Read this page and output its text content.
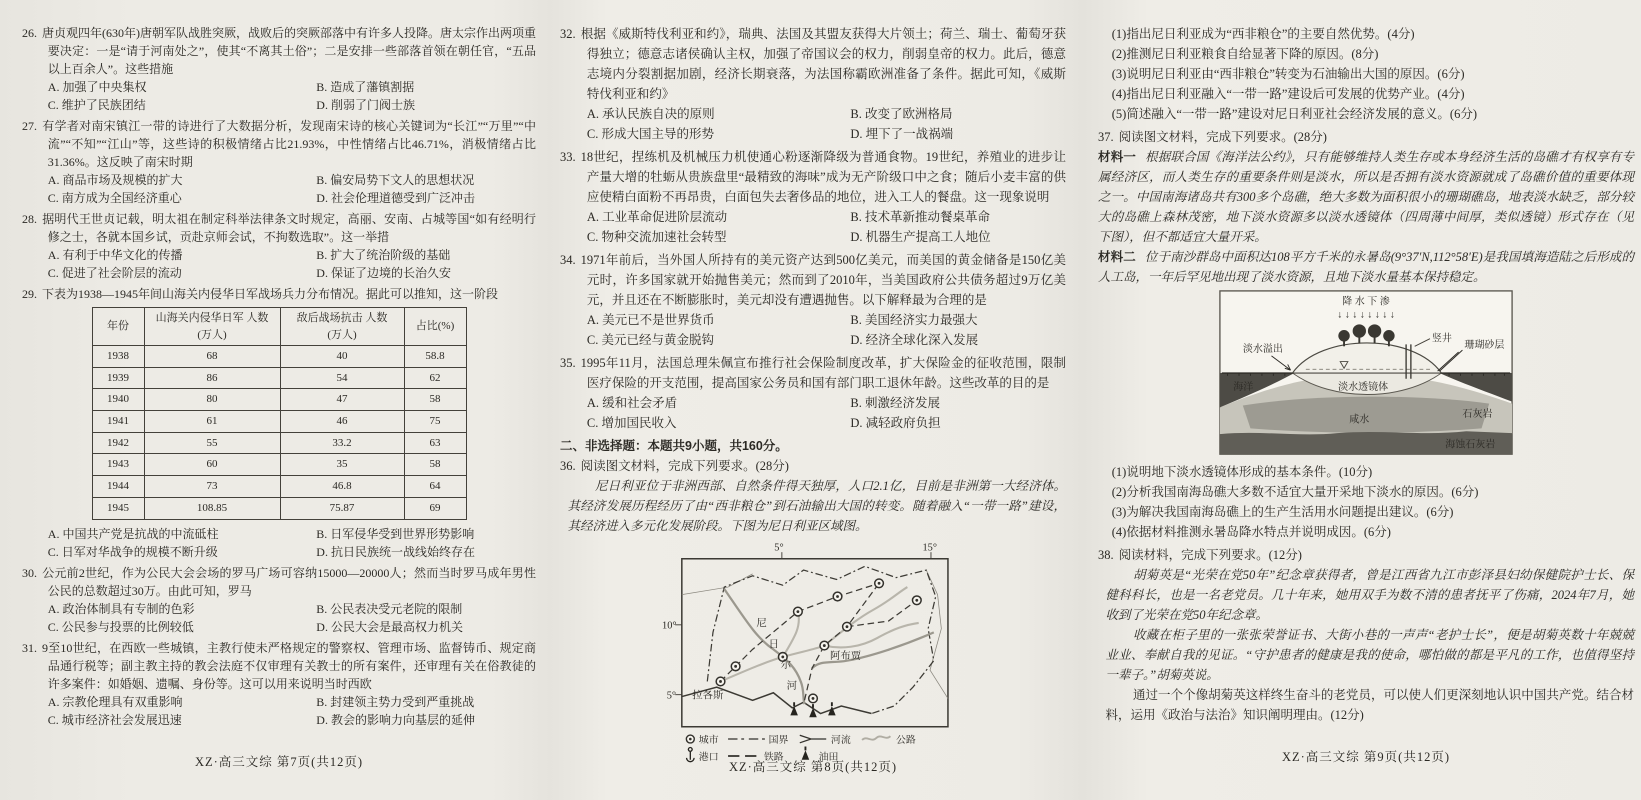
26. 唐贞观四年(630年)唐朝军队战胜突厥，战败后的突厥部落中有许多人投降。唐太宗作出两项重要决定：一是“请于河南处之”，使其“不离其土俗”；二是安排一些部落首领在朝任官，“五品以上百余人”。这些措施

A. 加强了中央集权	B. 造成了藩镇割据
C. 维护了民族团结	D. 削弱了门阀士族

27. 有学者对南宋镇江一带的诗进行了大数据分析，发现南宋诗的核心关键词为“长江”“万里”“中流”“不知”“江山”等，这些诗的积极情绪占比21.93%，中性情绪占比46.71%，消极情绪占比31.36%。这反映了南宋时期

A. 商品市场及规模的扩大	B. 偏安局势下文人的思想状况
C. 南方成为全国经济重心	D. 社会伦理道德受到广泛冲击

28. 据明代王世贞记载，明太祖在制定科举法律条文时规定，高丽、安南、占城等国“如有经明行修之士，各就本国乡试，贡赴京师会试，不拘数选取”。这一举措

A. 有利于中华文化的传播	B. 扩大了统治阶级的基础
C. 促进了社会阶层的流动	D. 保证了边境的长治久安

29. 下表为1938—1945年间山海关内侵华日军战场兵力分布情况。据此可以推知，这一阶段

年份	山海关内侵华日军 人数(万人)	敌后战场抗击 人数(万人)	占比(%)
1938	68	40	58.8
1939	86	54	62
1940	80	47	58
1941	61	46	75
1942	55	33.2	63
1943	60	35	58
1944	73	46.8	64
1945	108.85	75.87	69
A. 中国共产党是抗战的中流砥柱	B. 日军侵华受到世界形势影响
C. 日军对华战争的规模不断升级	D. 抗日民族统一战线始终存在

30. 公元前2世纪，作为公民大会会场的罗马广场可容纳15000—20000人；然而当时罗马成年男性公民的总数超过30万。由此可知，罗马

A. 政治体制具有专制的色彩	B. 公民表决受元老院的限制
C. 公民参与投票的比例较低	D. 公民大会是最高权力机关

31. 9至10世纪，在西欧一些城镇，主教行使未严格规定的警察权、管理市场、监督铸币、规定商品通行税等；副主教主持的教会法庭不仅审理有关教士的所有案件，还审理有关在俗教徒的许多案件：如婚姻、遗嘱、身份等。这可以用来说明当时西欧

A. 宗教伦理具有双重影响	B. 封建领主势力受到严重挑战
C. 城市经济社会发展迅速	D. 教会的影响力向基层的延伸

32. 根据《威斯特伐利亚和约》，瑞典、法国及其盟友获得大片领土；荷兰、瑞士、葡萄牙获得独立；德意志诸侯确认主权，加强了帝国议会的权力，削弱皇帝的权力。此后，德意志境内分裂割据加剧，经济长期衰落，为法国称霸欧洲准备了条件。据此可知，《威斯特伐利亚和约》

A. 承认民族自决的原则	B. 改变了欧洲格局
C. 形成大国主导的形势	D. 埋下了一战祸端

33. 18世纪，捏练机及机械压力机使通心粉逐渐降级为普通食物。19世纪，养殖业的进步让产量大增的牡蛎从贵族盘里“最精致的海味”成为无产阶级口中之食；随后小麦丰富的供应使精白面粉不再昂贵，白面包失去奢侈品的地位，进入工人的餐盘。这一现象说明

A. 工业革命促进阶层流动	B. 技术革新推动餐桌革命
C. 物种交流加速社会转型	D. 机器生产提高工人地位

34. 1971年前后，当外国人所持有的美元资产达到500亿美元，而美国的黄金储备是150亿美元时，许多国家就开始抛售美元；然而到了2010年，当美国政府公共债务超过9万亿美元，并且还在不断膨胀时，美元却没有遭遇抛售。以下解释最为合理的是

A. 美元已不是世界货币	B. 美国经济实力最强大
C. 美元已经与黄金脱钩	D. 经济全球化深入发展

35. 1995年11月，法国总理朱佩宣布推行社会保险制度改革，扩大保险金的征收范围，限制医疗保险的开支范围，提高国家公务员和国有部门职工退休年龄。这些改革的目的是

A. 缓和社会矛盾	B. 刺激经济发展
C. 增加国民收入	D. 减轻政府负担

二、非选择题：本题共9小题，共160分。

36. 阅读图文材料，完成下列要求。(28分)

尼日利亚位于非洲西部、自然条件得天独厚，人口2.1亿，目前是非洲第一大经济体。其经济发展历程经历了由“西非粮仓”到石油输出大国的转变。随着融入“一带一路”建设，其经济进入多元化发展阶段。下图为尼日利亚区域图。

5°	15°
10°
5° 拉各斯
阿布贾
尼
日
尔
河
城市	国界	河流	公路
港口	铁路	油田

(1)指出尼日利亚成为“西非粮仓”的主要自然优势。(4分)

(2)推测尼日利亚粮食自给显著下降的原因。(8分)

(3)说明尼日利亚由“西非粮仓”转变为石油输出大国的原因。(6分)

(4)指出尼日利亚融入“一带一路”建设后可发展的优势产业。(4分)

(5)简述融入“一带一路”建设对尼日利亚社会经济发展的意义。(6分)

37. 阅读图文材料，完成下列要求。(28分)

材料一 根据联合国《海洋法公约》，只有能够维持人类生存或本身经济生活的岛礁才有权享有专属经济区，而人类生存的重要条件则是淡水，所以是否拥有淡水资源就成了岛礁价值的重要体现之一。中国南海诸岛共有300多个岛礁，绝大多数为面积很小的珊瑚礁岛，地表淡水缺乏，部分较大的岛礁上森林茂密，地下淡水资源多以淡水透镜体（四周薄中间厚，类似透镜）形式存在（见下图），但不都适宜大量开采。

材料二 位于南沙群岛中面积达108平方千米的永暑岛(9°37′N,112°58′E)是我国填海造陆之后形成的人工岛，一年后罕见地出现了淡水资源，且地下淡水量基本保持稳定。

降 水 下 渗
↓ ↓ ↓ ↓ ↓ ↓ ↓ ↓
淡水溢出	珊瑚砂层
海洋	淡水透镜体
石灰岩
咸水
海蚀石灰岩
竖井

(1)说明地下淡水透镜体形成的基本条件。(10分)

(2)分析我国南海岛礁大多数不适宜大量开采地下淡水的原因。(6分)

(3)为解决我国南海岛礁上的生产生活用水问题提出建议。(6分)

(4)依据材料推测永暑岛降水特点并说明成因。(6分)

38. 阅读材料，完成下列要求。(12分)

胡菊英是“光荣在党50年”纪念章获得者，曾是江西省九江市彭泽县妇幼保健院护士长、保健科科长，也是一名老党员。几十年来，她用双手为数不清的患者抚平了伤痛，2024年7月，她收到了光荣在党50年纪念章。

收藏在柜子里的一张张荣誉证书、大街小巷的一声声“老护士长”，便是胡菊英数十年兢兢业业、奉献自我的见证。“守护患者的健康是我的使命，哪怕做的都是平凡的工作，也值得坚持一辈子。”胡菊英说。

通过一个个像胡菊英这样终生奋斗的老党员，可以使人们更深刻地认识中国共产党。结合材料，运用《政治与法治》知识阐明理由。(12分)

XZ·高三文综 第7页(共12页)	XZ·高三文综 第8页(共12页)
XZ·高三文综 第9页(共12页)
